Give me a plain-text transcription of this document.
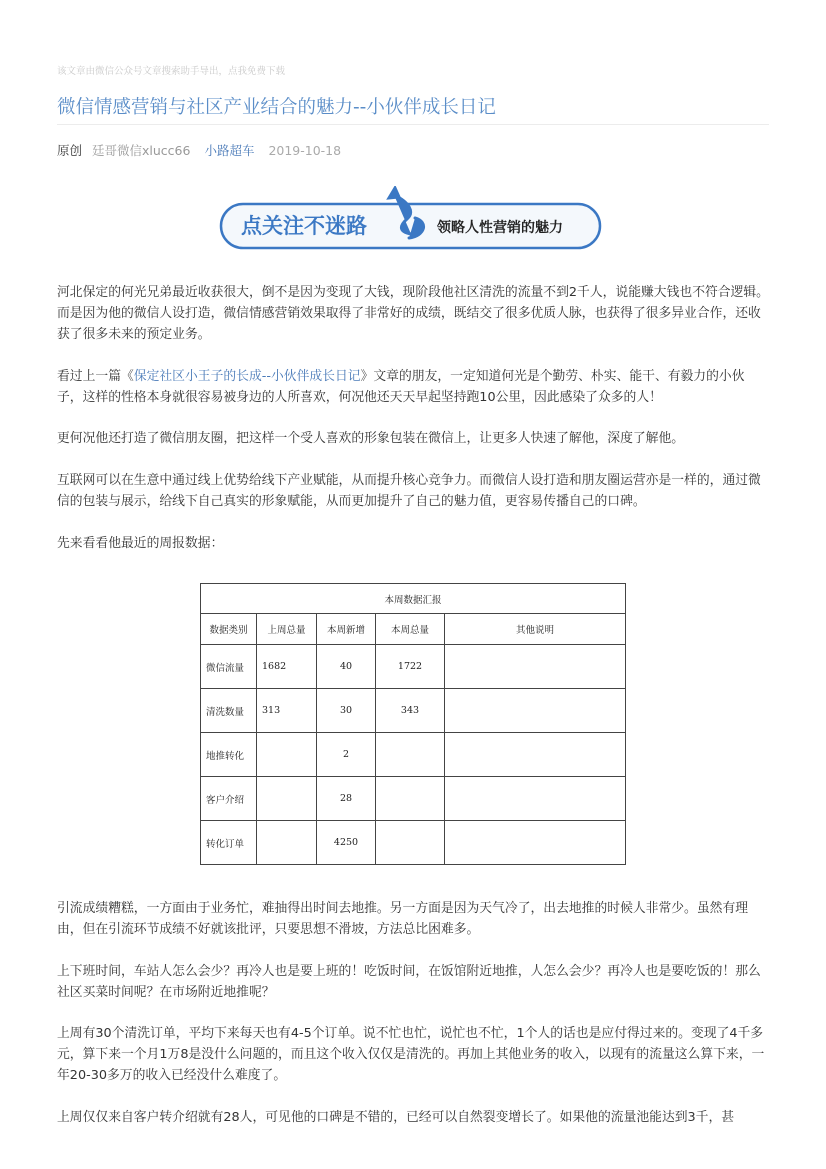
该文章由微信公众号文章搜索助手导出，点我免费下载
微信情感营销与社区产业结合的魅力--小伙伴成长日记
原创 廷哥微信xlucc66 小路超车 2019-10-18
点关注不迷路	领略人性营销的魅力

河北保定的何光兄弟最近收获很大，倒不是因为变现了大钱，现阶段他社区清洗的流量不到2千人，说能赚大钱也不符合逻辑。而是因为他的微信人设打造，微信情感营销效果取得了非常好的成绩，既结交了很多优质人脉，也获得了很多异业合作，还收获了很多未来的预定业务。

看过上一篇《保定社区小王子的长成--小伙伴成长日记》文章的朋友，一定知道何光是个勤劳、朴实、能干、有毅力的小伙子，这样的性格本身就很容易被身边的人所喜欢，何况他还天天早起坚持跑10公里，因此感染了众多的人！

更何况他还打造了微信朋友圈，把这样一个受人喜欢的形象包装在微信上，让更多人快速了解他，深度了解他。

互联网可以在生意中通过线上优势给线下产业赋能，从而提升核心竞争力。而微信人设打造和朋友圈运营亦是一样的，通过微信的包装与展示，给线下自己真实的形象赋能，从而更加提升了自己的魅力值，更容易传播自己的口碑。

先来看看他最近的周报数据：

本周数据汇报				
数据类别	上周总量	本周新增	本周总量	其他说明
微信流量	1682	40	1722	
清洗数量	313	30	343	
地推转化		2		
客户介绍		28		
转化订单		4250		

引流成绩糟糕，一方面由于业务忙，难抽得出时间去地推。另一方面是因为天气冷了，出去地推的时候人非常少。虽然有理由，但在引流环节成绩不好就该批评，只要思想不滑坡，方法总比困难多。

上下班时间，车站人怎么会少？再冷人也是要上班的！吃饭时间，在饭馆附近地推，人怎么会少？再冷人也是要吃饭的！那么社区买菜时间呢？在市场附近地推呢？

上周有30个清洗订单，平均下来每天也有4-5个订单。说不忙也忙，说忙也不忙，1个人的话也是应付得过来的。变现了4千多元，算下来一个月1万8是没什么问题的，而且这个收入仅仅是清洗的。再加上其他业务的收入，以现有的流量这么算下来，一年20-30多万的收入已经没什么难度了。

上周仅仅来自客户转介绍就有28人，可见他的口碑是不错的，已经可以自然裂变增长了。如果他的流量池能达到3千，甚
